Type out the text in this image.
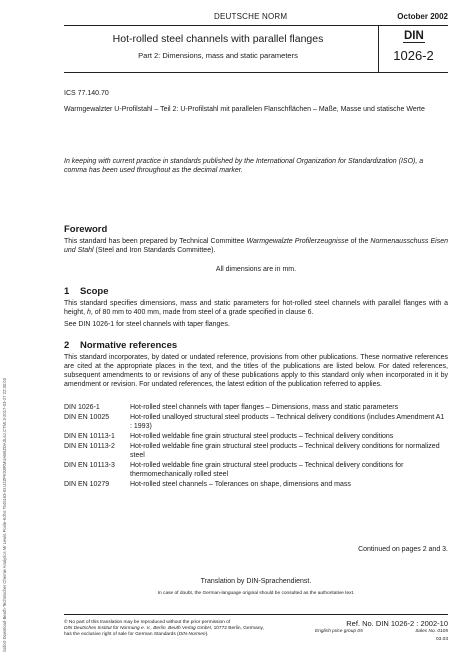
Sofort-Download-Beuth-Technischer Chemie Analytics Mr Lewis Poole-KdNr.7545163-ID.U2ZPKX8RMUAB5ZDA3L6J.CTMI.3-2017-03-27 22:30:03
DEUTSCHE NORM	October 2002
Hot-rolled steel channels with parallel flanges
Part 2: Dimensions, mass and static parameters
DIN
1026-2
ICS 77.140.70
Warmgewalzter U-Profilstahl – Teil 2: U-Profilstahl mit parallelen Flanschflächen – Maße, Masse und statische Werte
In keeping with current practice in standards published by the International Organization for Standardization (ISO), a comma has been used throughout as the decimal marker.
Foreword
This standard has been prepared by Technical Committee Warmgewalzte Profilerzeugnisse of the Normenausschuss Eisen und Stahl (Steel and Iron Standards Committee).
All dimensions are in mm.
1 Scope
This standard specifies dimensions, mass and static parameters for hot-rolled steel channels with parallel flanges with a height, h, of 80 mm to 400 mm, made from steel of a grade specified in clause 6.
See DIN 1026-1 for steel channels with taper flanges.
2 Normative references
This standard incorporates, by dated or undated reference, provisions from other publications. These normative references are cited at the appropriate places in the text, and the titles of the publications are listed below. For dated references, subsequent amendments to or revisions of any of these publications apply to this standard only when incorporated in it by amendment or revision. For undated references, the latest edition of the publication referred to applies.
DIN 1026-1	Hot-rolled steel channels with taper flanges – Dimensions, mass and static parameters
DIN EN 10025	Hot-rolled unalloyed structural steel products – Technical delivery conditions (includes Amendment A1 : 1993)
DIN EN 10113-1	Hot-rolled weldable fine grain structural steel products – Technical delivery conditions
DIN EN 10113-2	Hot-rolled weldable fine grain structural steel products – Technical delivery conditions for normalized steel
DIN EN 10113-3	Hot-rolled weldable fine grain structural steel products – Technical delivery conditions for thermomechanically rolled steel
DIN EN 10279	Hot-rolled steel channels – Tolerances on shape, dimensions and mass
Continued on pages 2 and 3.
Translation by DIN-Sprachendienst.
In case of doubt, the German-language original should be consulted as the authoritative text.
© No part of this translation may be reproduced without the prior permission of
DIN Deutsches Institut für Normung e. V., Berlin. Beuth Verlag GmbH, 10772 Berlin, Germany,
has the exclusive right of sale for German Standards (DIN-Normen).
Ref. No. DIN 1026-2 : 2002-10
English price group 05	Sales No. 0105
03.03
